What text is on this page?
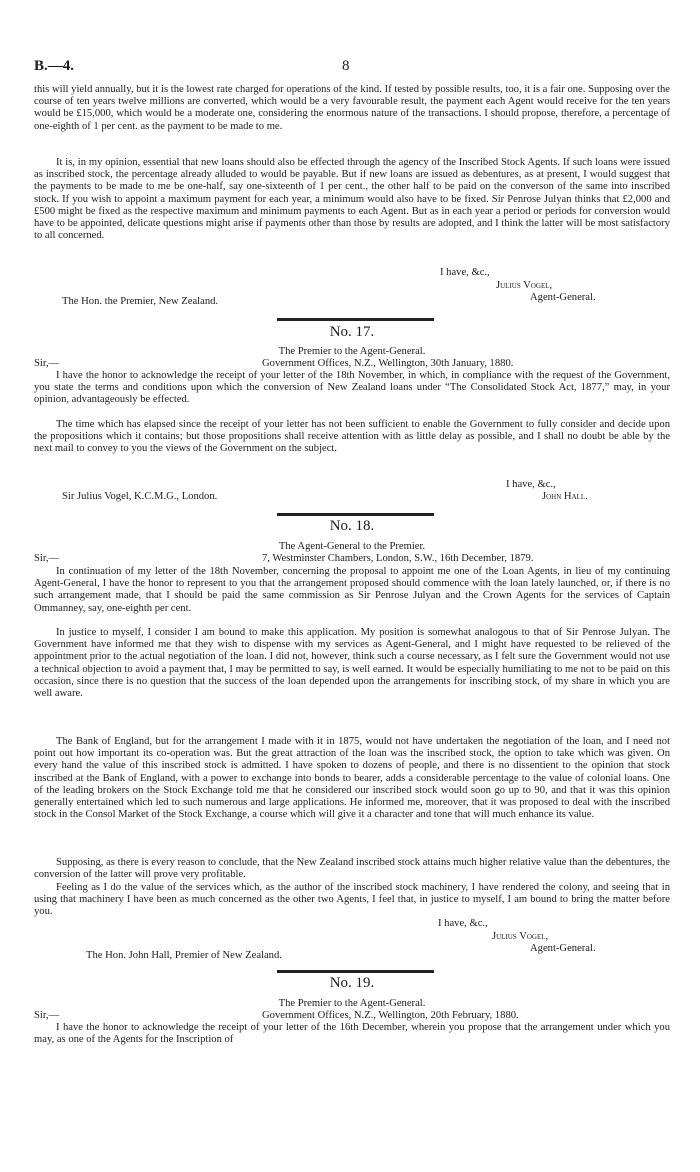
B.—4.	8

this will yield annually, but it is the lowest rate charged for operations of the kind. If tested by possible results, too, it is a fair one. Supposing over the course of ten years twelve millions are converted, which would be a very favourable result, the payment each Agent would receive for the ten years would be £15,000, which would be a moderate one, considering the enormous nature of the transactions. I should propose, therefore, a percentage of one-eighth of 1 per cent. as the payment to be made to me.

It is, in my opinion, essential that new loans should also be effected through the agency of the Inscribed Stock Agents. If such loans were issued as inscribed stock, the percentage already alluded to would be payable. But if new loans are issued as debentures, as at present, I would suggest that the payments to be made to me be one-half, say one-sixteenth of 1 per cent., the other half to be paid on the converson of the same into inscribed stock. If you wish to appoint a maximum payment for each year, a minimum would also have to be fixed. Sir Penrose Julyan thinks that £2,000 and £500 might be fixed as the respective maximum and minimum payments to each Agent. But as in each year a period or periods for conversion would have to be appointed, delicate questions might arise if payments other than those by results are adopted, and I think the latter will be most satisfactory to all concerned.

I have, &c.,

Julius Vogel,

Agent-General.

The Hon. the Premier, New Zealand.

No. 17.

The Premier to the Agent-General.

Sir,—	Government Offices, N.Z., Wellington, 30th January, 1880.

I have the honor to acknowledge the receipt of your letter of the 18th November, in which, in compliance with the request of the Government, you state the terms and conditions upon which the conversion of New Zealand loans under “The Consolidated Stock Act, 1877,” may, in your opinion, advantageously be effected.

The time which has elapsed since the receipt of your letter has not been sufficient to enable the Government to fully consider and decide upon the propositions which it contains; but those propositions shall receive attention with as little delay as possible, and I shall no doubt be able by the next mail to convey to you the views of the Government on the subject.

I have, &c.,

Sir Julius Vogel, K.C.M.G., London.	John Hall.

No. 18.

The Agent-General to the Premier.

Sir,—	7, Westminster Chambers, London, S.W., 16th December, 1879.

In continuation of my letter of the 18th November, concerning the proposal to appoint me one of the Loan Agents, in lieu of my continuing Agent-General, I have the honor to represent to you that the arrangement proposed should commence with the loan lately launched, or, if there is no such arrangement made, that I should be paid the same commission as Sir Penrose Julyan and the Crown Agents for the services of Captain Ommanney, say, one-eighth per cent.

In justice to myself, I consider I am bound to make this application. My position is somewhat analogous to that of Sir Penrose Julyan. The Government have informed me that they wish to dispense with my services as Agent-General, and I might have requested to be relieved of the appointment prior to the actual negotiation of the loan. I did not, however, think such a course necessary, as I felt sure the Government would not use a technical objection to avoid a payment that, I may be permitted to say, is well earned. It would be especially humiliating to me not to be paid on this occasion, since there is no question that the success of the loan depended upon the arrangements for inscribing stock, of my share in which you are well aware.

The Bank of England, but for the arrangement I made with it in 1875, would not have undertaken the negotiation of the loan, and I need not point out how important its co-operation was. But the great attraction of the loan was the inscribed stock, the option to take which was given. On every hand the value of this inscribed stock is admitted. I have spoken to dozens of people, and there is no dissentient to the opinion that stock inscribed at the Bank of England, with a power to exchange into bonds to bearer, adds a considerable percentage to the value of colonial loans. One of the leading brokers on the Stock Exchange told me that he considered our inscribed stock would soon go up to 90, and that it was this opinion generally entertained which led to such numerous and large applications. He informed me, moreover, that it was proposed to deal with the inscribed stock in the Consol Market of the Stock Exchange, a course which will give it a character and tone that will much enhance its value.

Supposing, as there is every reason to conclude, that the New Zealand inscribed stock attains much higher relative value than the debentures, the conversion of the latter will prove very profitable.

Feeling as I do the value of the services which, as the author of the inscribed stock machinery, I have rendered the colony, and seeing that in using that machinery I have been as much concerned as the other two Agents, I feel that, in justice to myself, I am bound to bring the matter before you.

I have, &c.,

Julius Vogel,

Agent-General.

The Hon. John Hall, Premier of New Zealand.

No. 19.

The Premier to the Agent-General.

Sir,—	Government Offices, N.Z., Wellington, 20th February, 1880.

I have the honor to acknowledge the receipt of your letter of the 16th December, wherein you propose that the arrangement under which you may, as one of the Agents for the Inscription of
